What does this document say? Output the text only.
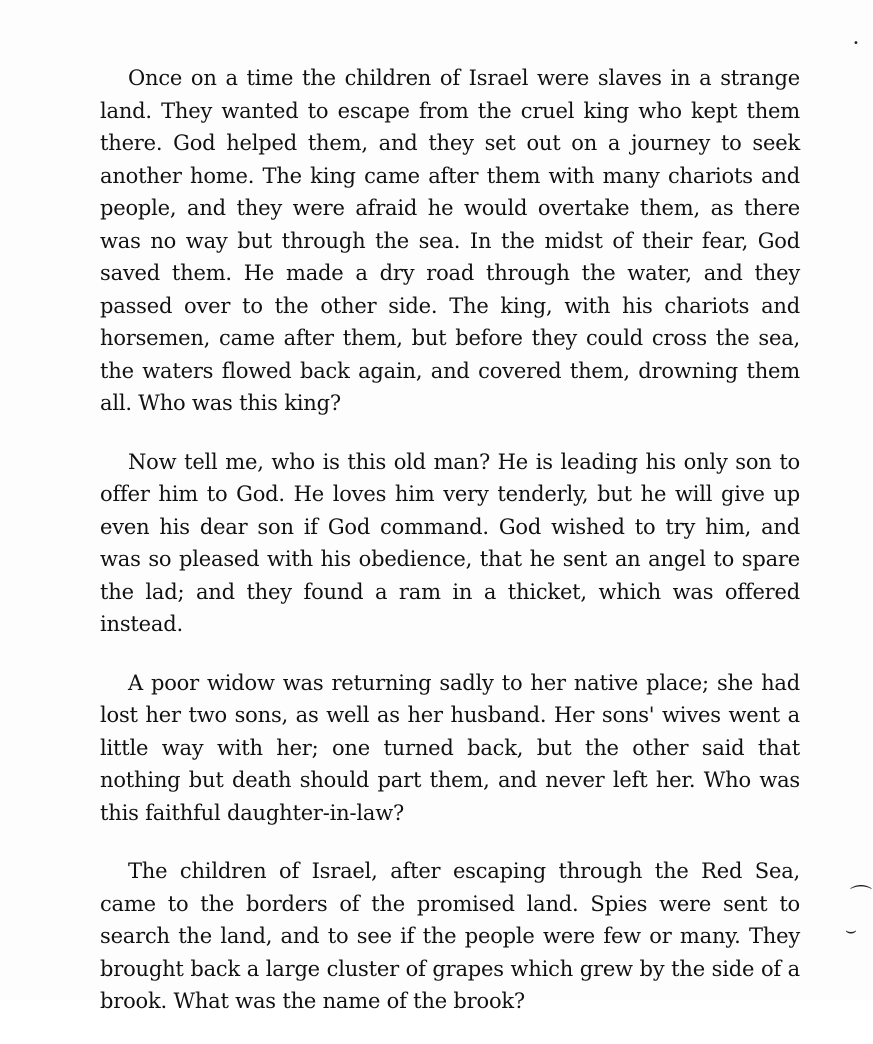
Once on a time the children of Israel were slaves in a strange land. They wanted to escape from the cruel king who kept them there. God helped them, and they set out on a journey to seek another home. The king came after them with many chariots and people, and they were afraid he would overtake them, as there was no way but through the sea. In the midst of their fear, God saved them. He made a dry road through the water, and they passed over to the other side. The king, with his chariots and horsemen, came after them, but before they could cross the sea, the waters flowed back again, and covered them, drowning them all. Who was this king?

Now tell me, who is this old man? He is leading his only son to offer him to God. He loves him very tenderly, but he will give up even his dear son if God command. God wished to try him, and was so pleased with his obedience, that he sent an angel to spare the lad; and they found a ram in a thicket, which was offered instead.

A poor widow was returning sadly to her native place; she had lost her two sons, as well as her husband. Her sons' wives went a little way with her; one turned back, but the other said that nothing but death should part them, and never left her. Who was this faithful daughter-in-law?

The children of Israel, after escaping through the Red Sea, came to the borders of the promised land. Spies were sent to search the land, and to see if the people were few or many. They brought back a large cluster of grapes which grew by the side of a brook. What was the name of the brook?

•
⌒
⌣
